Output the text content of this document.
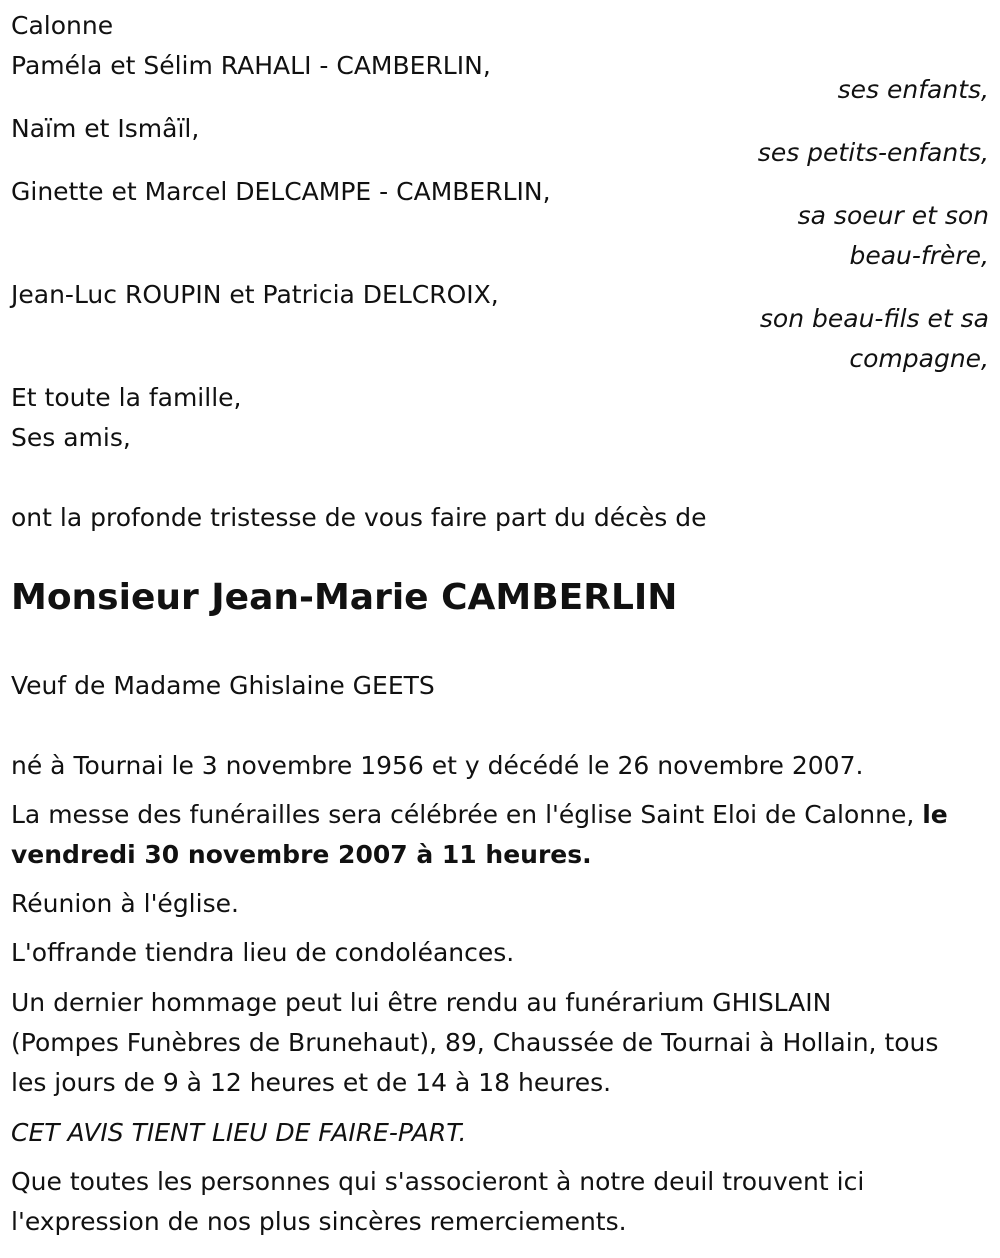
Calonne
Paméla et Sélim RAHALI - CAMBERLIN,
ses enfants,
Naïm et Ismâïl,
ses petits-enfants,
Ginette et Marcel DELCAMPE - CAMBERLIN,
sa soeur et son
beau-frère,
Jean-Luc ROUPIN et Patricia DELCROIX,
son beau-fils et sa
compagne,
Et toute la famille,
Ses amis,
ont la profonde tristesse de vous faire part du décès de
Monsieur Jean-Marie CAMBERLIN
Veuf de Madame Ghislaine GEETS
né à Tournai le 3 novembre 1956 et y décédé le 26 novembre 2007.
La messe des funérailles sera célébrée en l'église Saint Eloi de Calonne, le vendredi 30 novembre 2007 à 11 heures.
Réunion à l'église.
L'offrande tiendra lieu de condoléances.
Un dernier hommage peut lui être rendu au funérarium GHISLAIN (Pompes Funèbres de Brunehaut), 89, Chaussée de Tournai à Hollain, tous les jours de 9 à 12 heures et de 14 à 18 heures.
CET AVIS TIENT LIEU DE FAIRE-PART.
Que toutes les personnes qui s'associeront à notre deuil trouvent ici l'expression de nos plus sincères remerciements.
